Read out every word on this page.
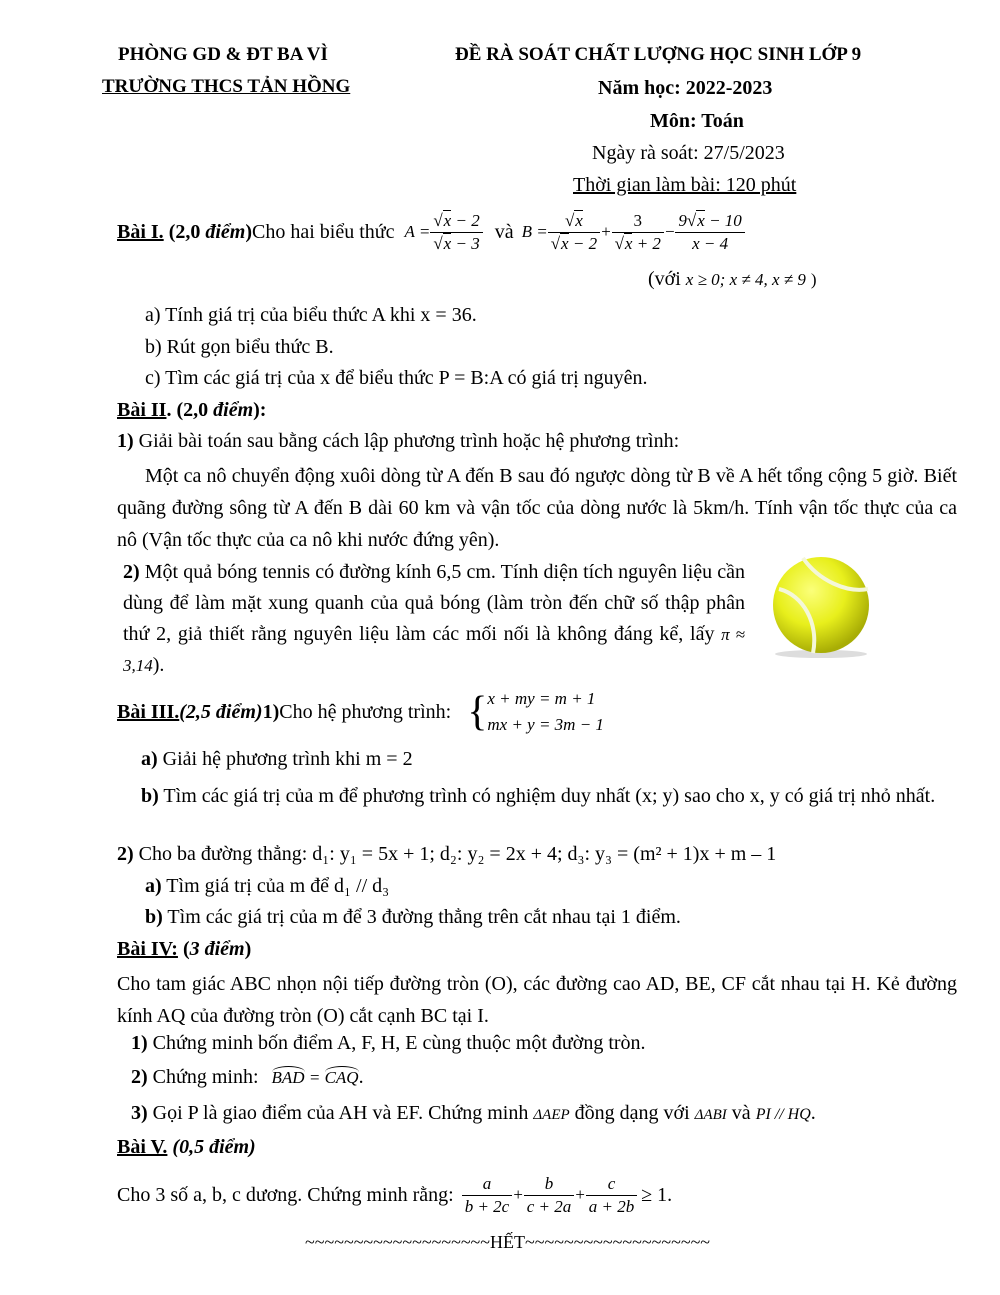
PHÒNG GD & ĐT BA VÌ
TRƯỜNG THCS TẢN HỒNG
ĐỀ RÀ SOÁT CHẤT LƯỢNG HỌC SINH LỚP 9
Năm học: 2022-2023
Môn: Toán
Ngày rà soát: 27/5/2023
Thời gian làm bài: 120 phút
Bài I. (2,0 điểm) Cho hai biểu thức $A = \frac{√x - 2}{√x - 3}$ và $B = \frac{√x}{√x - 2} + \frac{3}{√x + 2} - \frac{9√x - 10}{x - 4}$
(với x ≥ 0; x ≠ 4, x ≠ 9 )
a) Tính giá trị của biểu thức A khi x = 36.
b) Rút gọn biểu thức B.
c) Tìm các giá trị của x để biểu thức P = B:A có giá trị nguyên.
Bài II. (2,0 điểm):
1) Giải bài toán sau bằng cách lập phương trình hoặc hệ phương trình:
Một ca nô chuyển động xuôi dòng từ A đến B sau đó ngược dòng từ B về A hết tổng cộng 5 giờ. Biết quãng đường sông từ A đến B dài 60 km và vận tốc của dòng nước là 5km/h. Tính vận tốc thực của ca nô (Vận tốc thực của ca nô khi nước đứng yên).
2) Một quả bóng tennis có đường kính 6,5 cm. Tính diện tích nguyên liệu cần dùng để làm mặt xung quanh của quả bóng (làm tròn đến chữ số thập phân thứ 2, giả thiết rằng nguyên liệu làm các mối nối là không đáng kể, lấy π ≈ 3,14).
Bài III. (2,5 điểm) 1) Cho hệ phương trình: { x + my = m + 1
mx + y = 3m − 1
a) Giải hệ phương trình khi m = 2
b) Tìm các giá trị của m để phương trình có nghiệm duy nhất (x; y) sao cho x, y có giá trị nhỏ nhất.
2) Cho ba đường thẳng: d₁: y₁ = 5x + 1; d₂: y₂ = 2x + 4; d₃: y₃ = (m² + 1)x + m – 1
a) Tìm giá trị của m để d₁ // d₃
b) Tìm các giá trị của m để 3 đường thẳng trên cắt nhau tại 1 điểm.
Bài IV: (3 điểm)
Cho tam giác ABC nhọn nội tiếp đường tròn (O), các đường cao AD, BE, CF cắt nhau tại H. Kẻ đường kính AQ của đường tròn (O) cắt cạnh BC tại I.
1) Chứng minh bốn điểm A, F, H, E cùng thuộc một đường tròn.
2) Chứng minh: BAD = CAQ.
3) Gọi P là giao điểm của AH và EF. Chứng minh ΔAEP đồng dạng với ΔABI và PI // HQ.
Bài V. (0,5 điểm)
Cho 3 số a, b, c dương. Chứng minh rằng: $\frac{a}{b + 2c} + \frac{b}{c + 2a} + \frac{c}{a + 2b} \ge 1$.
~~~~~~~~~~~~~~~~~~~HẾT~~~~~~~~~~~~~~~~~~~
